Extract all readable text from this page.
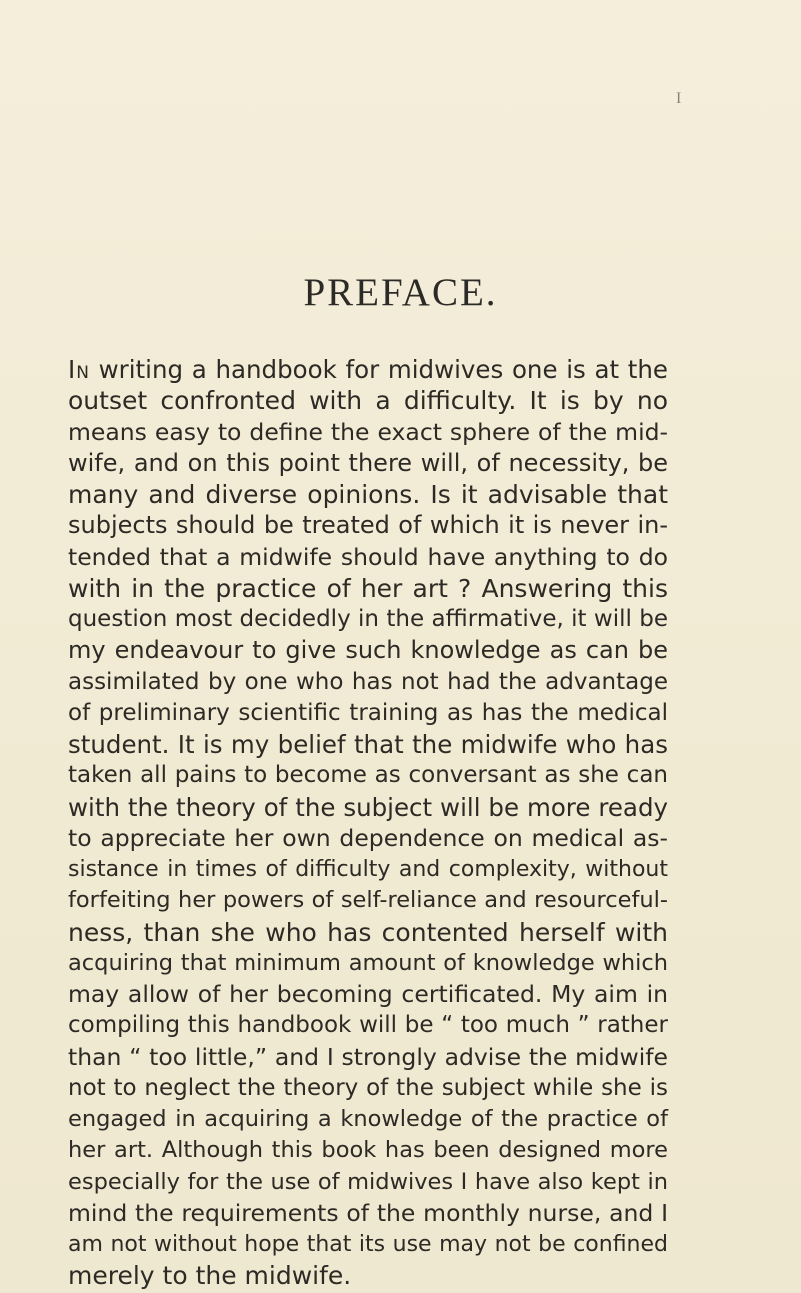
I
PREFACE.
In writing a handbook for midwives one is at the
outset confronted with a difficulty. It is by no
means easy to define the exact sphere of the mid-
wife, and on this point there will, of necessity, be
many and diverse opinions. Is it advisable that
subjects should be treated of which it is never in-
tended that a midwife should have anything to do
with in the practice of her art ? Answering this
question most decidedly in the affirmative, it will be
my endeavour to give such knowledge as can be
assimilated by one who has not had the advantage
of preliminary scientific training as has the medical
student. It is my belief that the midwife who has
taken all pains to become as conversant as she can
with the theory of the subject will be more ready
to appreciate her own dependence on medical as-
sistance in times of difficulty and complexity, without
forfeiting her powers of self-reliance and resourceful-
ness, than she who has contented herself with
acquiring that minimum amount of knowledge which
may allow of her becoming certificated. My aim in
compiling this handbook will be “ too much ” rather
than “ too little,” and I strongly advise the midwife
not to neglect the theory of the subject while she is
engaged in acquiring a knowledge of the practice of
her art. Although this book has been designed more
especially for the use of midwives I have also kept in
mind the requirements of the monthly nurse, and I
am not without hope that its use may not be confined
merely to the midwife.
